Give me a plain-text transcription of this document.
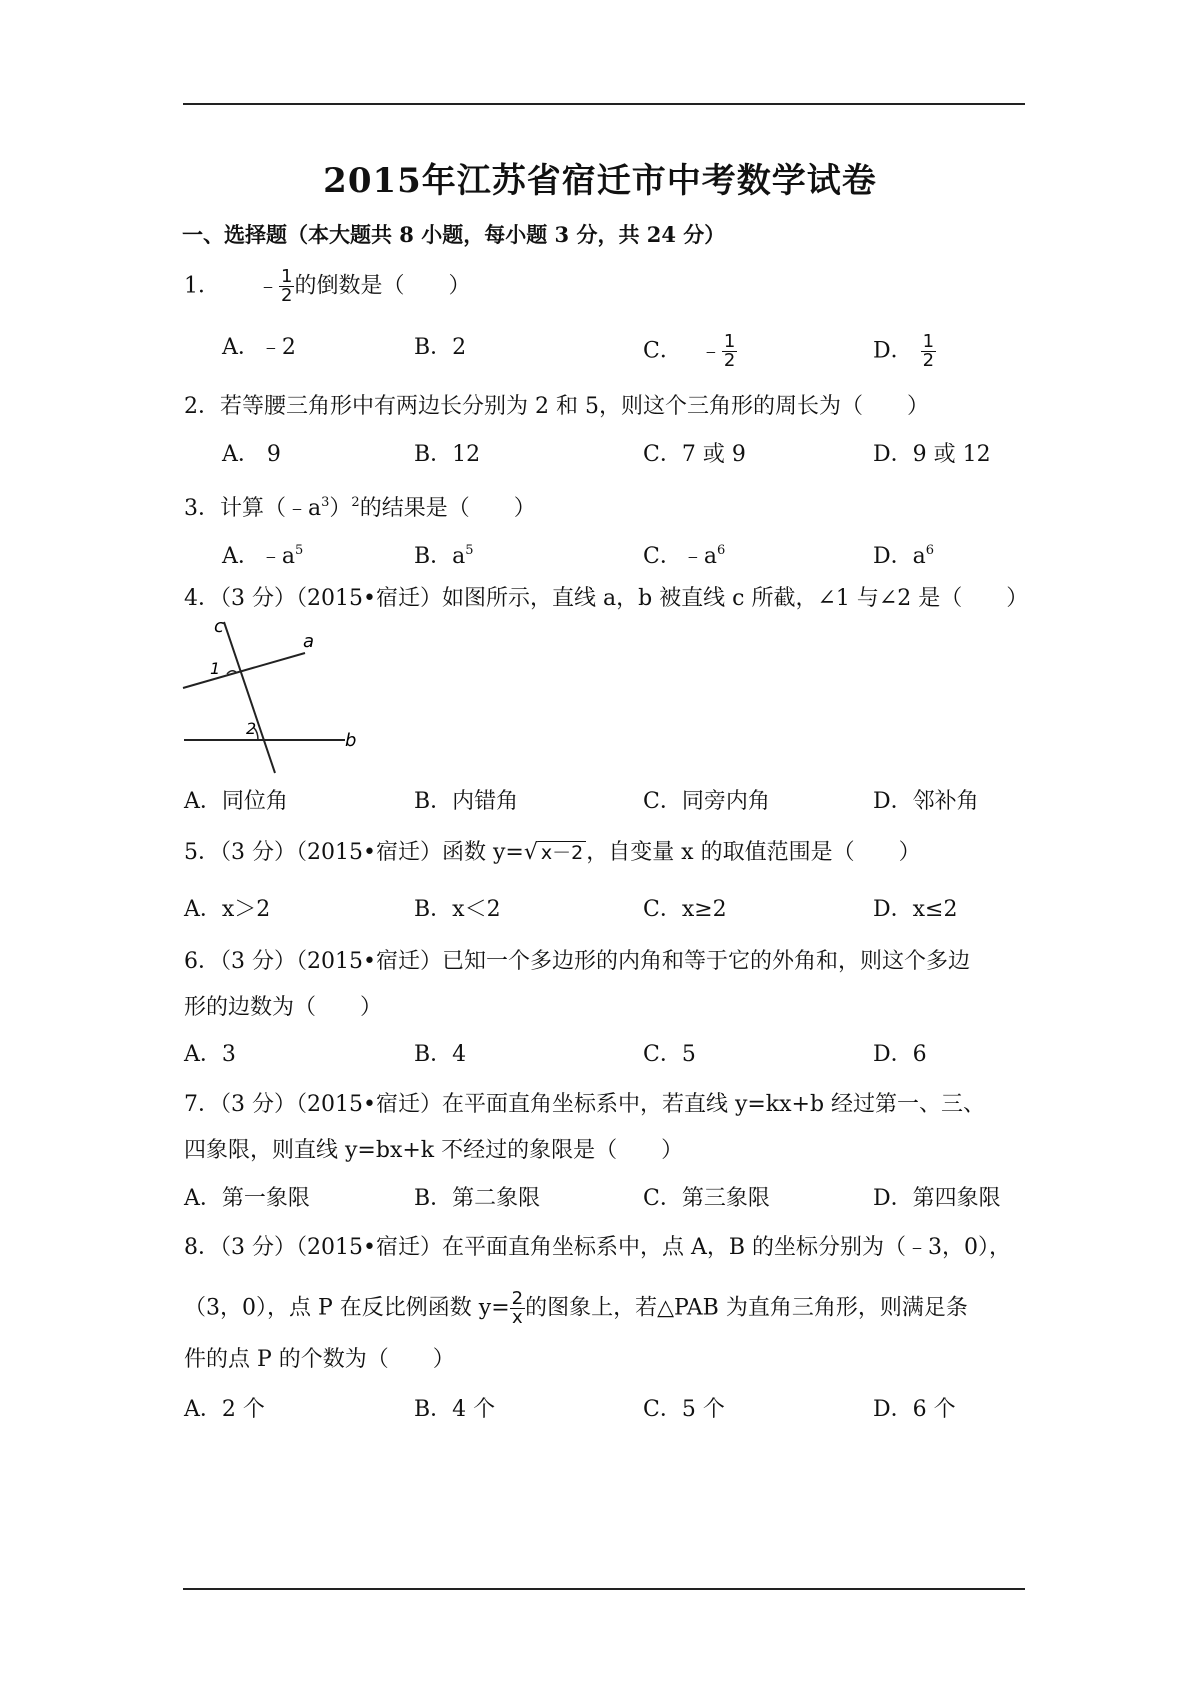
2015年江苏省宿迁市中考数学试卷
一、选择题（本大题共 8 小题，每小题 3 分，共 24 分）
1． ﹣ $\frac{1}{2}$ 的倒数是（　　）
A．﹣2	B．2	C． ﹣ $\frac{1}{2}$	D． $\frac{1}{2}$
2．若等腰三角形中有两边长分别为 2 和 5，则这个三角形的周长为（　　）
A． 9	B．12	C．7 或 9	D．9 或 12
3．计算$(﹣a^3)^2$的结果是（　　）
A．$﹣a^5$	B．$a^5$	C．$﹣a^6$	D．$a^6$
4．（3 分）（2015•宿迁）如图所示，直线 a，b 被直线 c 所截，∠1 与∠2 是（　　）
c
a
b
1
2
A．同位角	B．内错角	C．同旁内角	D．邻补角
5．（3 分）（2015•宿迁）函数 y=√ x－2 ，自变量 x 的取值范围是（　　）
A．x＞2	B．x＜2	C．x≥2	D．x≤2
6．（3 分）（2015•宿迁）已知一个多边形的内角和等于它的外角和，则这个多边
形的边数为（　　）
A．3	B．4	C．5	D．6
7．（3 分）（2015•宿迁）在平面直角坐标系中，若直线 y=kx+b 经过第一、三、
四象限，则直线 y=bx+k 不经过的象限是（　　）
A．第一象限	B．第二象限	C．第三象限	D．第四象限
8．（3 分）（2015•宿迁）在平面直角坐标系中，点 A，B 的坐标分别为（﹣3，0），
（3，0），点 P 在反比例函数 $y= \frac{2}{x}$ 的图象上，若△PAB 为直角三角形，则满足条
件的点 P 的个数为（　　）
A．2 个	B．4 个	C．5 个	D．6 个
